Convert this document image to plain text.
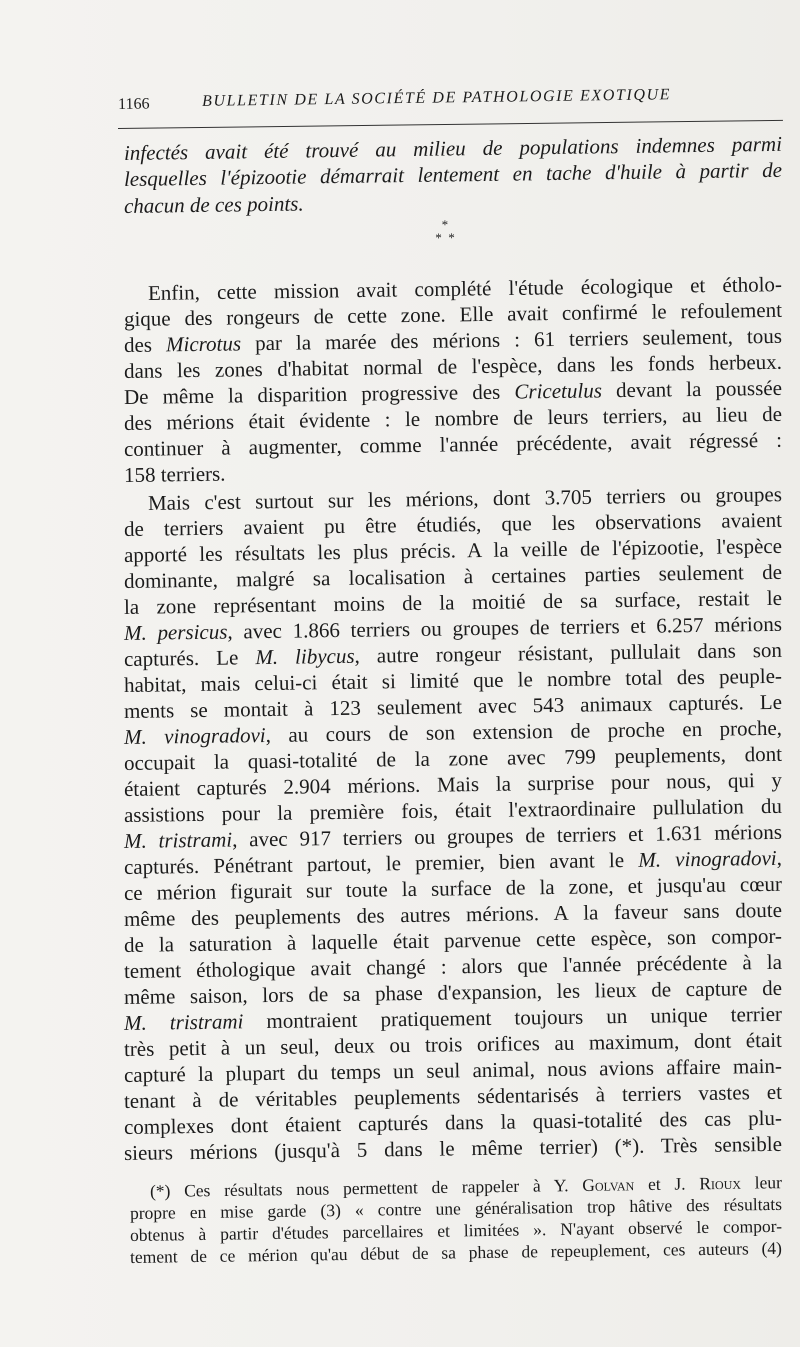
1166	BULLETIN DE LA SOCIÉTÉ DE PATHOLOGIE EXOTIQUE
infectés avait été trouvé au milieu de populations indemnes parmi
lesquelles l'épizootie démarrait lentement en tache d'huile à partir de
chacun de ces points.
*
*  *
Enfin, cette mission avait complété l'étude écologique et étholo-
gique des rongeurs de cette zone. Elle avait confirmé le refoulement
des Microtus par la marée des mérions : 61 terriers seulement, tous
dans les zones d'habitat normal de l'espèce, dans les fonds herbeux.
De même la disparition progressive des Cricetulus devant la poussée
des mérions était évidente : le nombre de leurs terriers, au lieu de
continuer à augmenter, comme l'année précédente, avait régressé :
158 terriers.
Mais c'est surtout sur les mérions, dont 3.705 terriers ou groupes
de terriers avaient pu être étudiés, que les observations avaient
apporté les résultats les plus précis. A la veille de l'épizootie, l'espèce
dominante, malgré sa localisation à certaines parties seulement de
la zone représentant moins de la moitié de sa surface, restait le
M. persicus, avec 1.866 terriers ou groupes de terriers et 6.257 mérions
capturés. Le M. libycus, autre rongeur résistant, pullulait dans son
habitat, mais celui-ci était si limité que le nombre total des peuple-
ments se montait à 123 seulement avec 543 animaux capturés. Le
M. vinogradovi, au cours de son extension de proche en proche,
occupait la quasi-totalité de la zone avec 799 peuplements, dont
étaient capturés 2.904 mérions. Mais la surprise pour nous, qui y
assistions pour la première fois, était l'extraordinaire pullulation du
M. tristrami, avec 917 terriers ou groupes de terriers et 1.631 mérions
capturés. Pénétrant partout, le premier, bien avant le M. vinogradovi,
ce mérion figurait sur toute la surface de la zone, et jusqu'au cœur
même des peuplements des autres mérions. A la faveur sans doute
de la saturation à laquelle était parvenue cette espèce, son compor-
tement éthologique avait changé : alors que l'année précédente à la
même saison, lors de sa phase d'expansion, les lieux de capture de
M. tristrami montraient pratiquement toujours un unique terrier
très petit à un seul, deux ou trois orifices au maximum, dont était
capturé la plupart du temps un seul animal, nous avions affaire main-
tenant à de véritables peuplements sédentarisés à terriers vastes et
complexes dont étaient capturés dans la quasi-totalité des cas plu-
sieurs mérions (jusqu'à 5 dans le même terrier) (*). Très sensible
(*) Ces résultats nous permettent de rappeler à Y. Golvan et J. Rioux leur
propre en mise garde (3) « contre une généralisation trop hâtive des résultats
obtenus à partir d'études parcellaires et limitées ». N'ayant observé le compor-
tement de ce mérion qu'au début de sa phase de repeuplement, ces auteurs (4)
